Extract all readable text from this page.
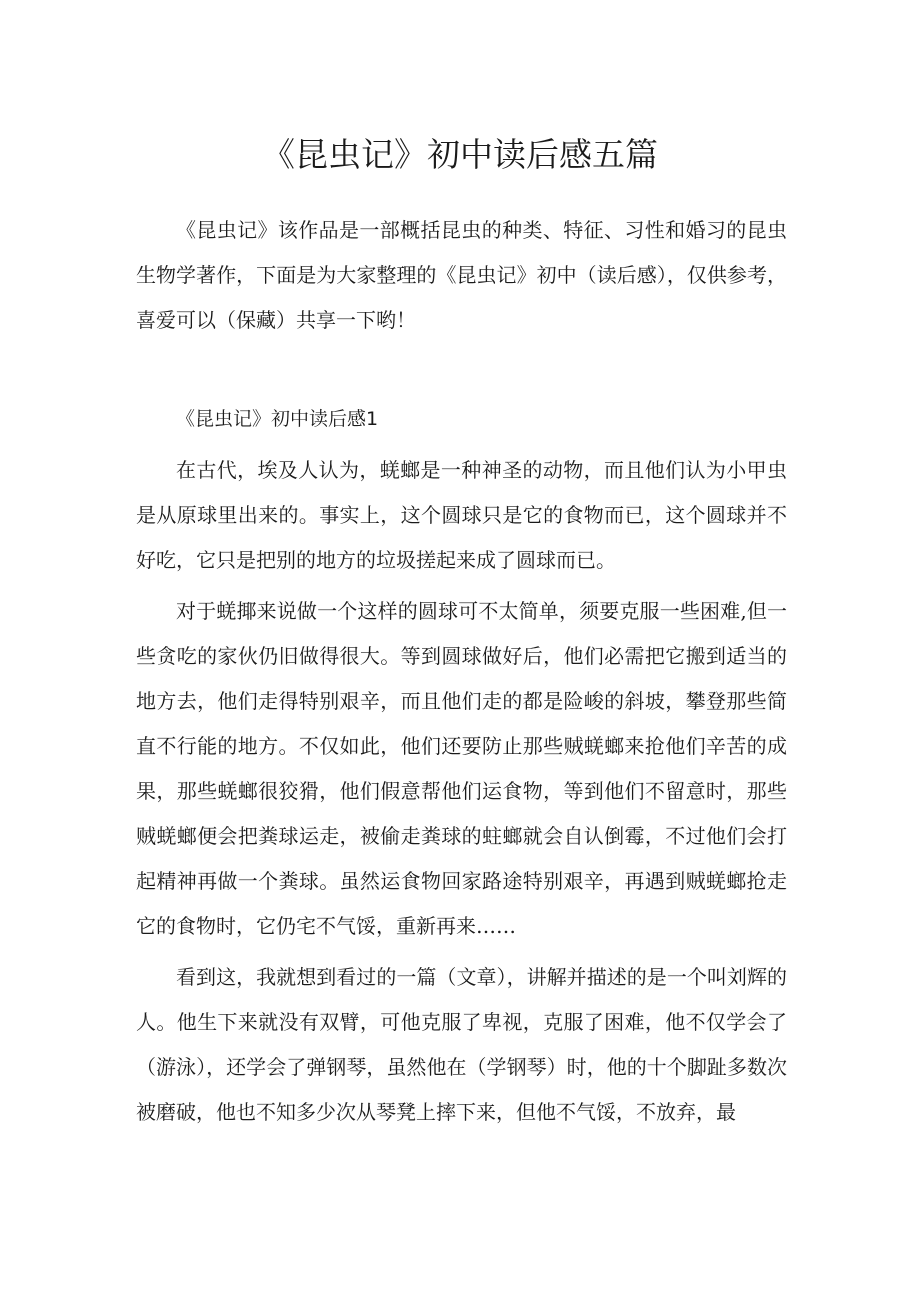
《昆虫记》初中读后感五篇

《昆虫记》该作品是一部概括昆虫的种类、特征、习性和婚习的昆虫生物学著作，下面是为大家整理的《昆虫记》初中（读后感），仅供参考，喜爱可以（保藏）共享一下哟！

《昆虫记》初中读后感1

在古代，埃及人认为，蜣螂是一种神圣的动物，而且他们认为小甲虫是从原球里出来的。事实上，这个圆球只是它的食物而已，这个圆球并不好吃，它只是把别的地方的垃圾搓起来成了圆球而已。

对于蜣揶来说做一个这样的圆球可不太简单，须要克服一些困难,但一些贪吃的家伙仍旧做得很大。等到圆球做好后，他们必需把它搬到适当的地方去，他们走得特别艰辛，而且他们走的都是险峻的斜坡，攀登那些简直不行能的地方。不仅如此，他们还要防止那些贼蜣螂来抢他们辛苦的成果，那些蜣螂很狡猾，他们假意帮他们运食物，等到他们不留意时，那些贼蜣螂便会把粪球运走，被偷走粪球的蛀螂就会自认倒霉，不过他们会打起精神再做一个粪球。虽然运食物回家路途特别艰辛，再遇到贼蜣螂抢走它的食物时，它仍宅不气馁，重新再来……

看到这，我就想到看过的一篇（文章），讲解并描述的是一个叫刘辉的人。他生下来就没有双臂，可他克服了卑视，克服了困难，他不仅学会了（游泳），还学会了弹钢琴，虽然他在（学钢琴）时，他的十个脚趾多数次被磨破，他也不知多少次从琴凳上摔下来，但他不气馁，不放弃，最
